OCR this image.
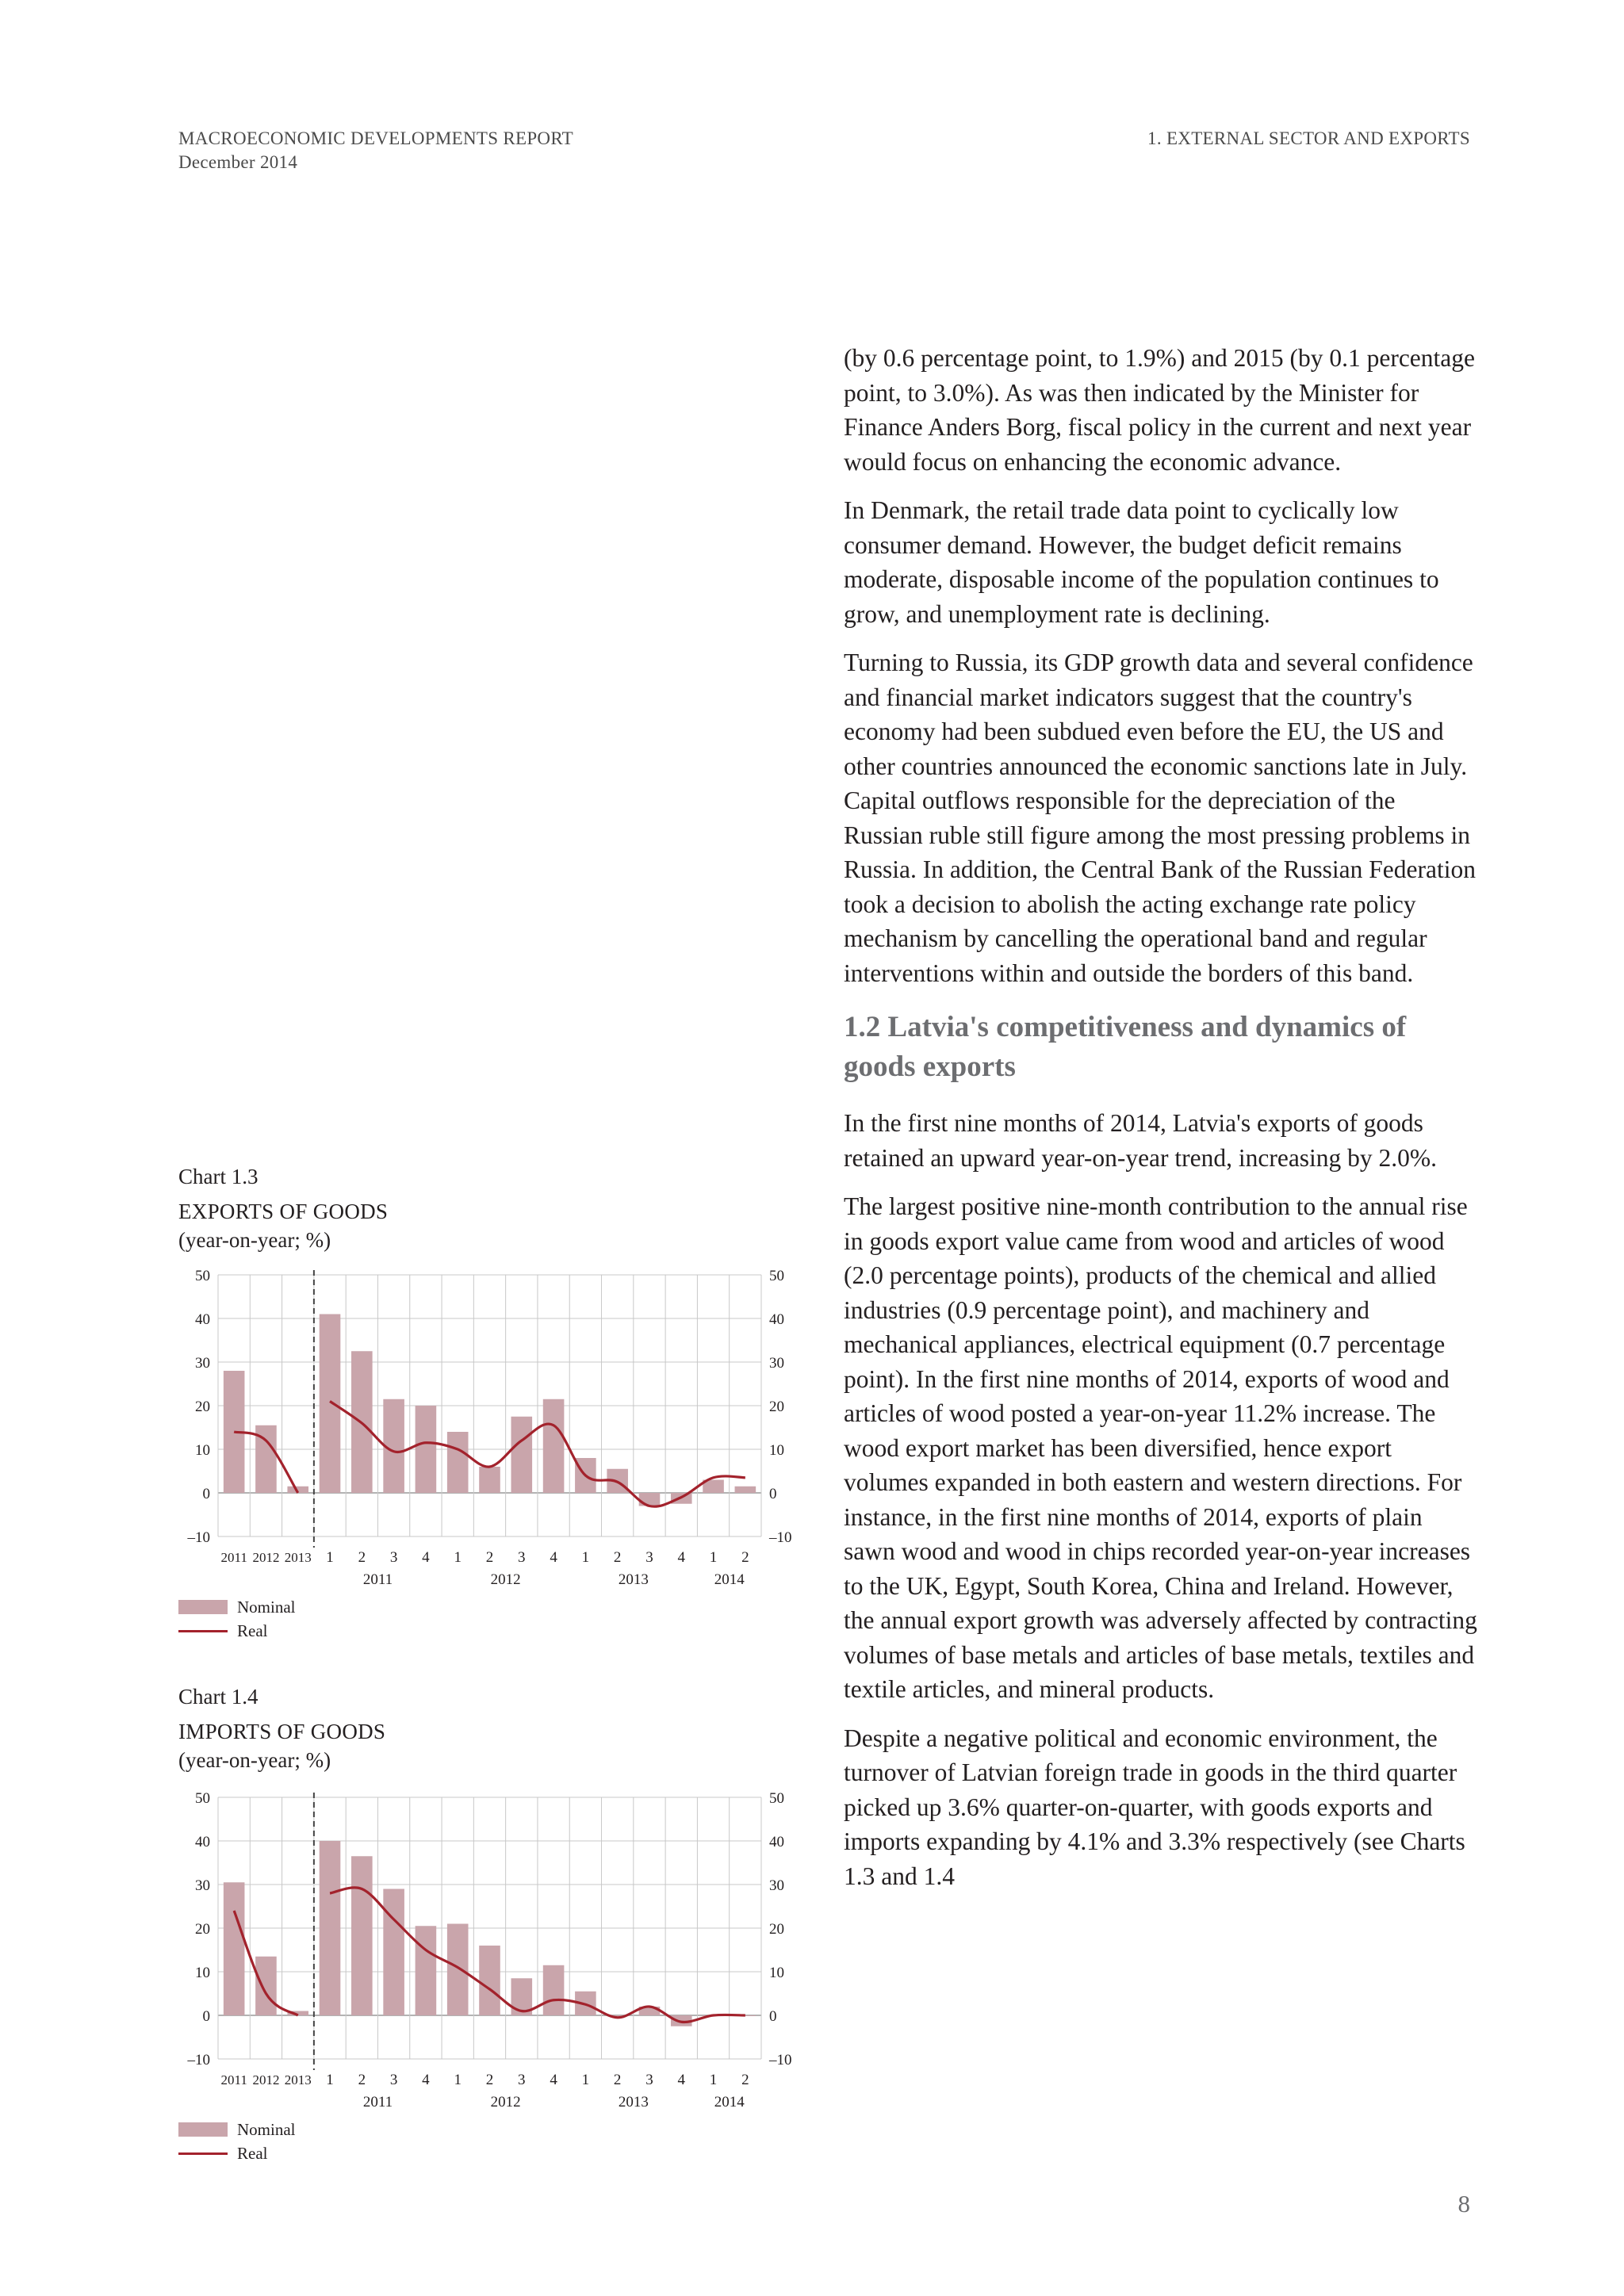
MACROECONOMIC DEVELOPMENTS REPORT
December 2014
1. EXTERNAL SECTOR AND EXPORTS

(by 0.6 percentage point, to 1.9%) and 2015 (by 0.1 percentage point, to 3.0%). As was then indicated by the Minister for Finance Anders Borg, fiscal policy in the current and next year would focus on enhancing the economic advance.

In Denmark, the retail trade data point to cyclically low consumer demand. However, the budget deficit remains moderate, disposable income of the population continues to grow, and unemployment rate is declining.

Turning to Russia, its GDP growth data and several confidence and financial market indicators suggest that the country's economy had been subdued even before the EU, the US and other countries announced the economic sanctions late in July. Capital outflows responsible for the depreciation of the Russian ruble still figure among the most pressing problems in Russia. In addition, the Central Bank of the Russian Federation took a decision to abolish the acting exchange rate policy mechanism by cancelling the operational band and regular interventions within and outside the borders of this band.

1.2 Latvia's competitiveness and dynamics of goods exports

In the first nine months of 2014, Latvia's exports of goods retained an upward year-on-year trend, increasing by 2.0%.

The largest positive nine-month contribution to the annual rise in goods export value came from wood and articles of wood (2.0 percentage points), products of the chemical and allied industries (0.9 percentage point), and machinery and mechanical appliances, electrical equipment (0.7 percentage point). In the first nine months of 2014, exports of wood and articles of wood posted a year-on-year 11.2% increase. The wood export market has been diversified, hence export volumes expanded in both eastern and western directions. For instance, in the first nine months of 2014, exports of plain sawn wood and wood in chips recorded year-on-year increases to the UK, Egypt, South Korea, China and Ireland. However, the annual export growth was adversely affected by contracting volumes of base metals and articles of base metals, textiles and textile articles, and mineral products.

Despite a negative political and economic environment, the turnover of Latvian foreign trade in goods in the third quarter picked up 3.6% quarter-on-quarter, with goods exports and imports expanding by 4.1% and 3.3% respectively (see Charts 1.3 and 1.4

Chart 1.3
EXPORTS OF GOODS
(year-on-year; %)
–10	–10
0	0
10	10
20	20
30	30
40	40
50	50
2011 2012 2013 1 2 3 4 1 2 3 4 1 2 3 4 1 2
2011	2012	2013	2014
Nominal
Real
Chart 1.4
IMPORTS OF GOODS
(year-on-year; %)
–10	–10
0	0
10	10
20	20
30	30
40	40
50	50
2011 2012 2013 1 2 3 4 1 2 3 4 1 2 3 4 1 2
2011	2012	2013	2014
Nominal
Real
8
